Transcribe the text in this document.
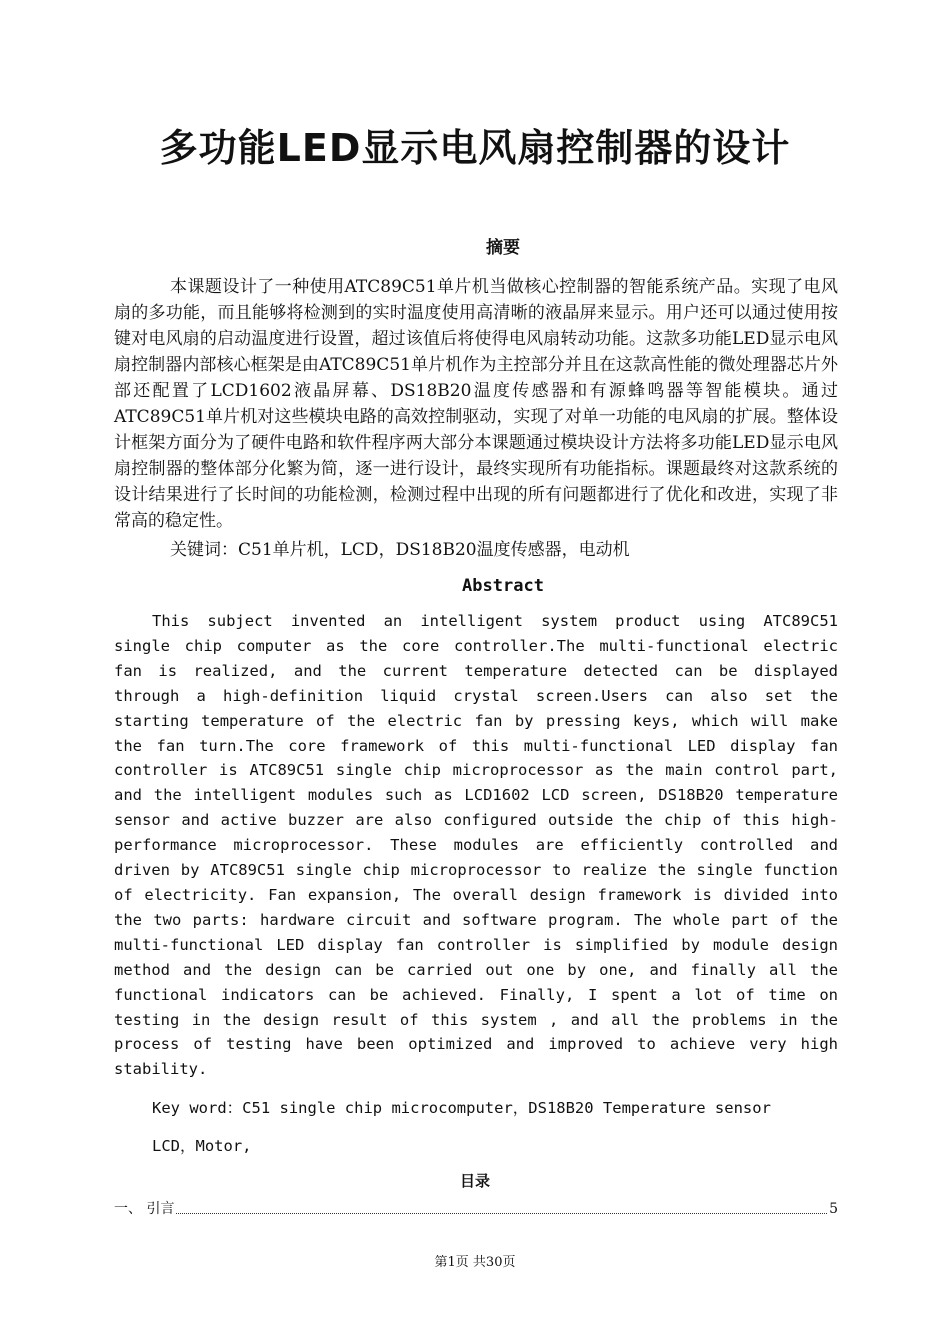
多功能LED显示电风扇控制器的设计
摘要

本课题设计了一种使用ATC89C51单片机当做核心控制器的智能系统产品。实现了电风扇的多功能，而且能够将检测到的实时温度使用高清晰的液晶屏来显示。用户还可以通过使用按键对电风扇的启动温度进行设置，超过该值后将使得电风扇转动功能。这款多功能LED显示电风扇控制器内部核心框架是由ATC89C51单片机作为主控部分并且在这款高性能的微处理器芯片外部还配置了LCD1602液晶屏幕、DS18B20温度传感器和有源蜂鸣器等智能模块。通过ATC89C51单片机对这些模块电路的高效控制驱动，实现了对单一功能的电风扇的扩展。整体设计框架方面分为了硬件电路和软件程序两大部分本课题通过模块设计方法将多功能LED显示电风扇控制器的整体部分化繁为简，逐一进行设计，最终实现所有功能指标。课题最终对这款系统的设计结果进行了长时间的功能检测，检测过程中出现的所有问题都进行了优化和改进，实现了非常高的稳定性。

关键词：C51单片机，LCD，DS18B20温度传感器，电动机

Abstract

This subject invented an intelligent system product using ATC89C51 single chip computer as the core controller.The multi-functional electric fan is realized, and the current temperature detected can be displayed through a high-definition liquid crystal screen.Users can also set the starting temperature of the electric fan by pressing keys, which will make the fan turn.The core framework of this multi-functional LED display fan controller is ATC89C51 single chip microprocessor as the main control part, and the intelligent modules such as LCD1602 LCD screen, DS18B20 temperature sensor and active buzzer are also configured outside the chip of this high-performance microprocessor. These modules are efficiently controlled and driven by ATC89C51 single chip microprocessor to realize the single function of electricity. Fan expansion, The overall design framework is divided into the two parts: hardware circuit and software program. The whole part of the multi-functional LED display fan controller is simplified by module design method and the design can be carried out one by one, and finally all the functional indicators can be achieved. Finally, I spent a lot of time on testing in the design result of this system , and all the problems in the process of testing have been optimized and improved to achieve very high stability.

Key word：C51 single chip microcomputer，DS18B20 Temperature sensor

LCD，Motor,

目录
一、 引言	5
第1页 共30页
